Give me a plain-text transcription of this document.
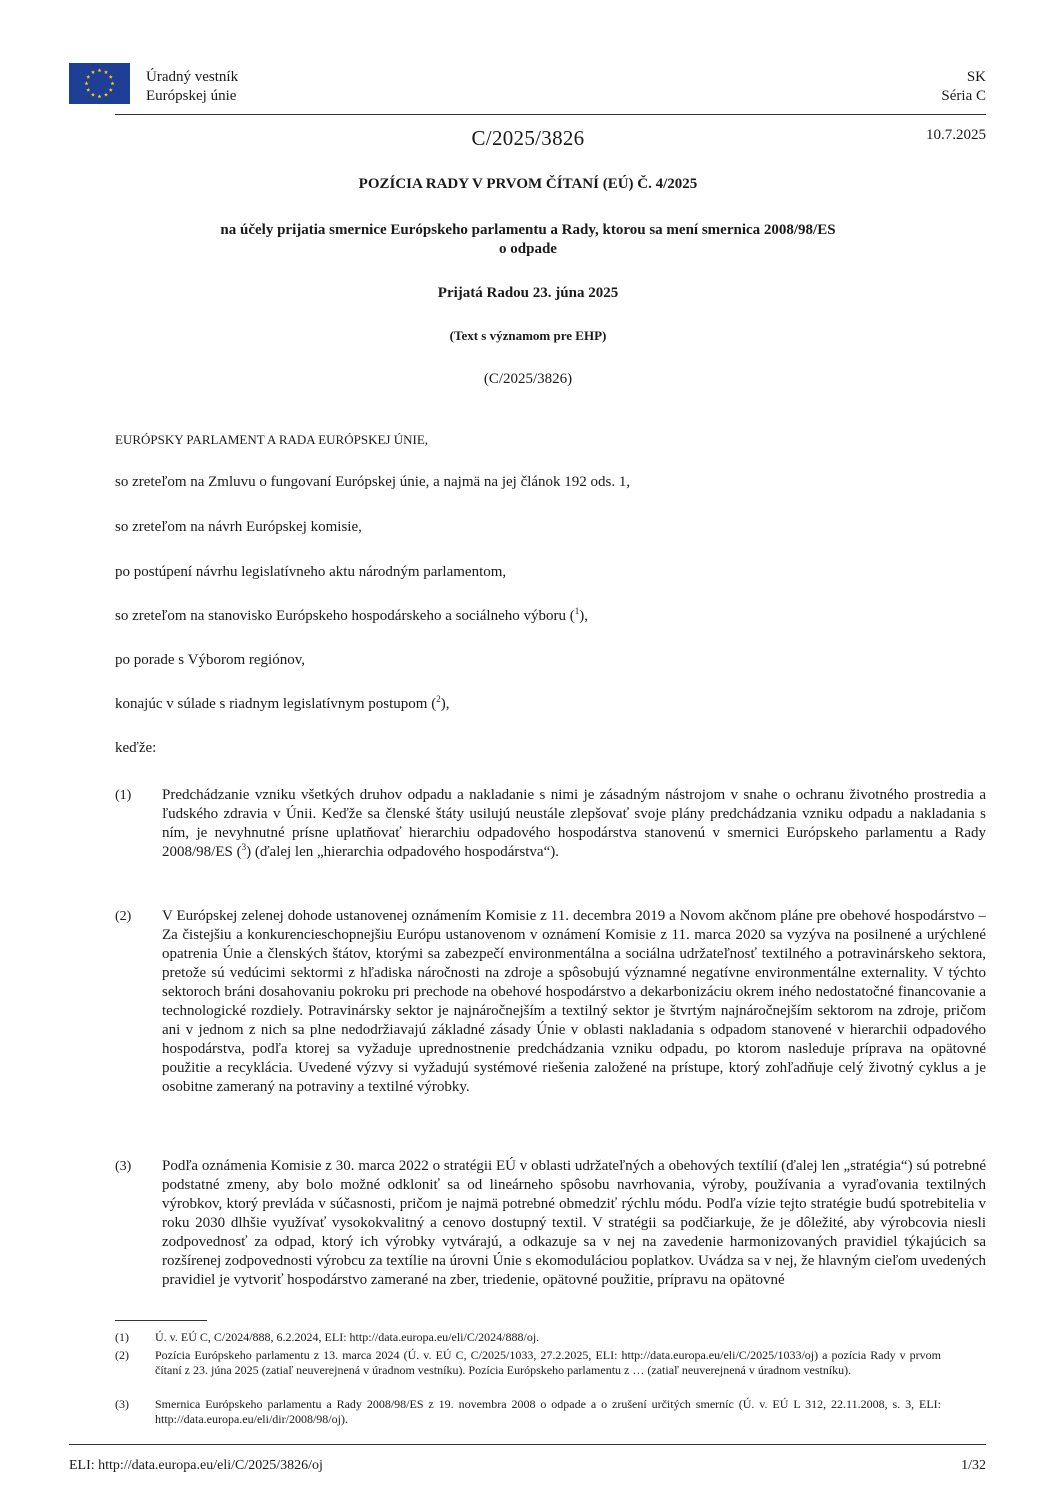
Úradný vestník
Európskej únie
SK
Séria C
C/2025/3826	10.7.2025
POZÍCIA RADY V PRVOM ČÍTANÍ (EÚ) Č. 4/2025
na účely prijatia smernice Európskeho parlamentu a Rady, ktorou sa mení smernica 2008/98/ES
o odpade
Prijatá Radou 23. júna 2025
(Text s významom pre EHP)
(C/2025/3826)
EURÓPSKY PARLAMENT A RADA EURÓPSKEJ ÚNIE,
so zreteľom na Zmluvu o fungovaní Európskej únie, a najmä na jej článok 192 ods. 1,
so zreteľom na návrh Európskej komisie,
po postúpení návrhu legislatívneho aktu národným parlamentom,
so zreteľom na stanovisko Európskeho hospodárskeho a sociálneho výboru ($^1$),
po porade s Výborom regiónov,
konajúc v súlade s riadnym legislatívnym postupom ($^2$),
keďže:
(1) Predchádzanie vzniku všetkých druhov odpadu a nakladanie s nimi je zásadným nástrojom v snahe o ochranu životného prostredia a ľudského zdravia v Únii. Keďže sa členské štáty usilujú neustále zlepšovať svoje plány predchádzania vzniku odpadu a nakladania s ním, je nevyhnutné prísne uplatňovať hierarchiu odpadového hospodárstva stanovenú v smernici Európskeho parlamentu a Rady 2008/98/ES ($^3$) (ďalej len „hierarchia odpadového hospodárstva“).
(2) V Európskej zelenej dohode ustanovenej oznámením Komisie z 11. decembra 2019 a Novom akčnom pláne pre obehové hospodárstvo – Za čistejšiu a konkurencieschopnejšiu Európu ustanovenom v oznámení Komisie z 11. marca 2020 sa vyzýva na posilnené a urýchlené opatrenia Únie a členských štátov, ktorými sa zabezpečí environmentálna a sociálna udržateľnosť textilného a potravinárskeho sektora, pretože sú vedúcimi sektormi z hľadiska náročnosti na zdroje a spôsobujú významné negatívne environmentálne externality. V týchto sektoroch bráni dosahovaniu pokroku pri prechode na obehové hospodárstvo a dekarbonizáciu okrem iného nedostatočné financovanie a technologické rozdiely. Potravinársky sektor je najnáročnejším a textilný sektor je štvrtým najnáročnejším sektorom na zdroje, pričom ani v jednom z nich sa plne nedodržiavajú základné zásady Únie v oblasti nakladania s odpadom stanovené v hierarchii odpadového hospodárstva, podľa ktorej sa vyžaduje uprednostnenie predchádzania vzniku odpadu, po ktorom nasleduje príprava na opätovné použitie a recyklácia. Uvedené výzvy si vyžadujú systémové riešenia založené na prístupe, ktorý zohľadňuje celý životný cyklus a je osobitne zameraný na potraviny a textilné výrobky.
(3) Podľa oznámenia Komisie z 30. marca 2022 o stratégii EÚ v oblasti udržateľných a obehových textílií (ďalej len „stratégia“) sú potrebné podstatné zmeny, aby bolo možné odkloniť sa od lineárneho spôsobu navrhovania, výroby, používania a vyraďovania textilných výrobkov, ktorý prevláda v súčasnosti, pričom je najmä potrebné obmedziť rýchlu módu. Podľa vízie tejto stratégie budú spotrebitelia v roku 2030 dlhšie využívať vysokokvalitný a cenovo dostupný textil. V stratégii sa podčiarkuje, že je dôležité, aby výrobcovia niesli zodpovednosť za odpad, ktorý ich výrobky vytvárajú, a odkazuje sa v nej na zavedenie harmonizovaných pravidiel týkajúcich sa rozšírenej zodpovednosti výrobcu za textílie na úrovni Únie s ekomoduláciou poplatkov. Uvádza sa v nej, že hlavným cieľom uvedených pravidiel je vytvoriť hospodárstvo zamerané na zber, triedenie, opätovné použitie, prípravu na opätovné
(1) Ú. v. EÚ C, C/2024/888, 6.2.2024, ELI: http://data.europa.eu/eli/C/2024/888/oj.
(2) Pozícia Európskeho parlamentu z 13. marca 2024 (Ú. v. EÚ C, C/2025/1033, 27.2.2025, ELI: http://data.europa.eu/eli/C/2025/1033/oj) a pozícia Rady v prvom čítaní z 23. júna 2025 (zatiaľ neuverejnená v úradnom vestníku). Pozícia Európskeho parlamentu z … (zatiaľ neuverejnená v úradnom vestníku).
(3) Smernica Európskeho parlamentu a Rady 2008/98/ES z 19. novembra 2008 o odpade a o zrušení určitých smerníc (Ú. v. EÚ L 312, 22.11.2008, s. 3, ELI: http://data.europa.eu/eli/dir/2008/98/oj).
ELI: http://data.europa.eu/eli/C/2025/3826/oj	1/32
